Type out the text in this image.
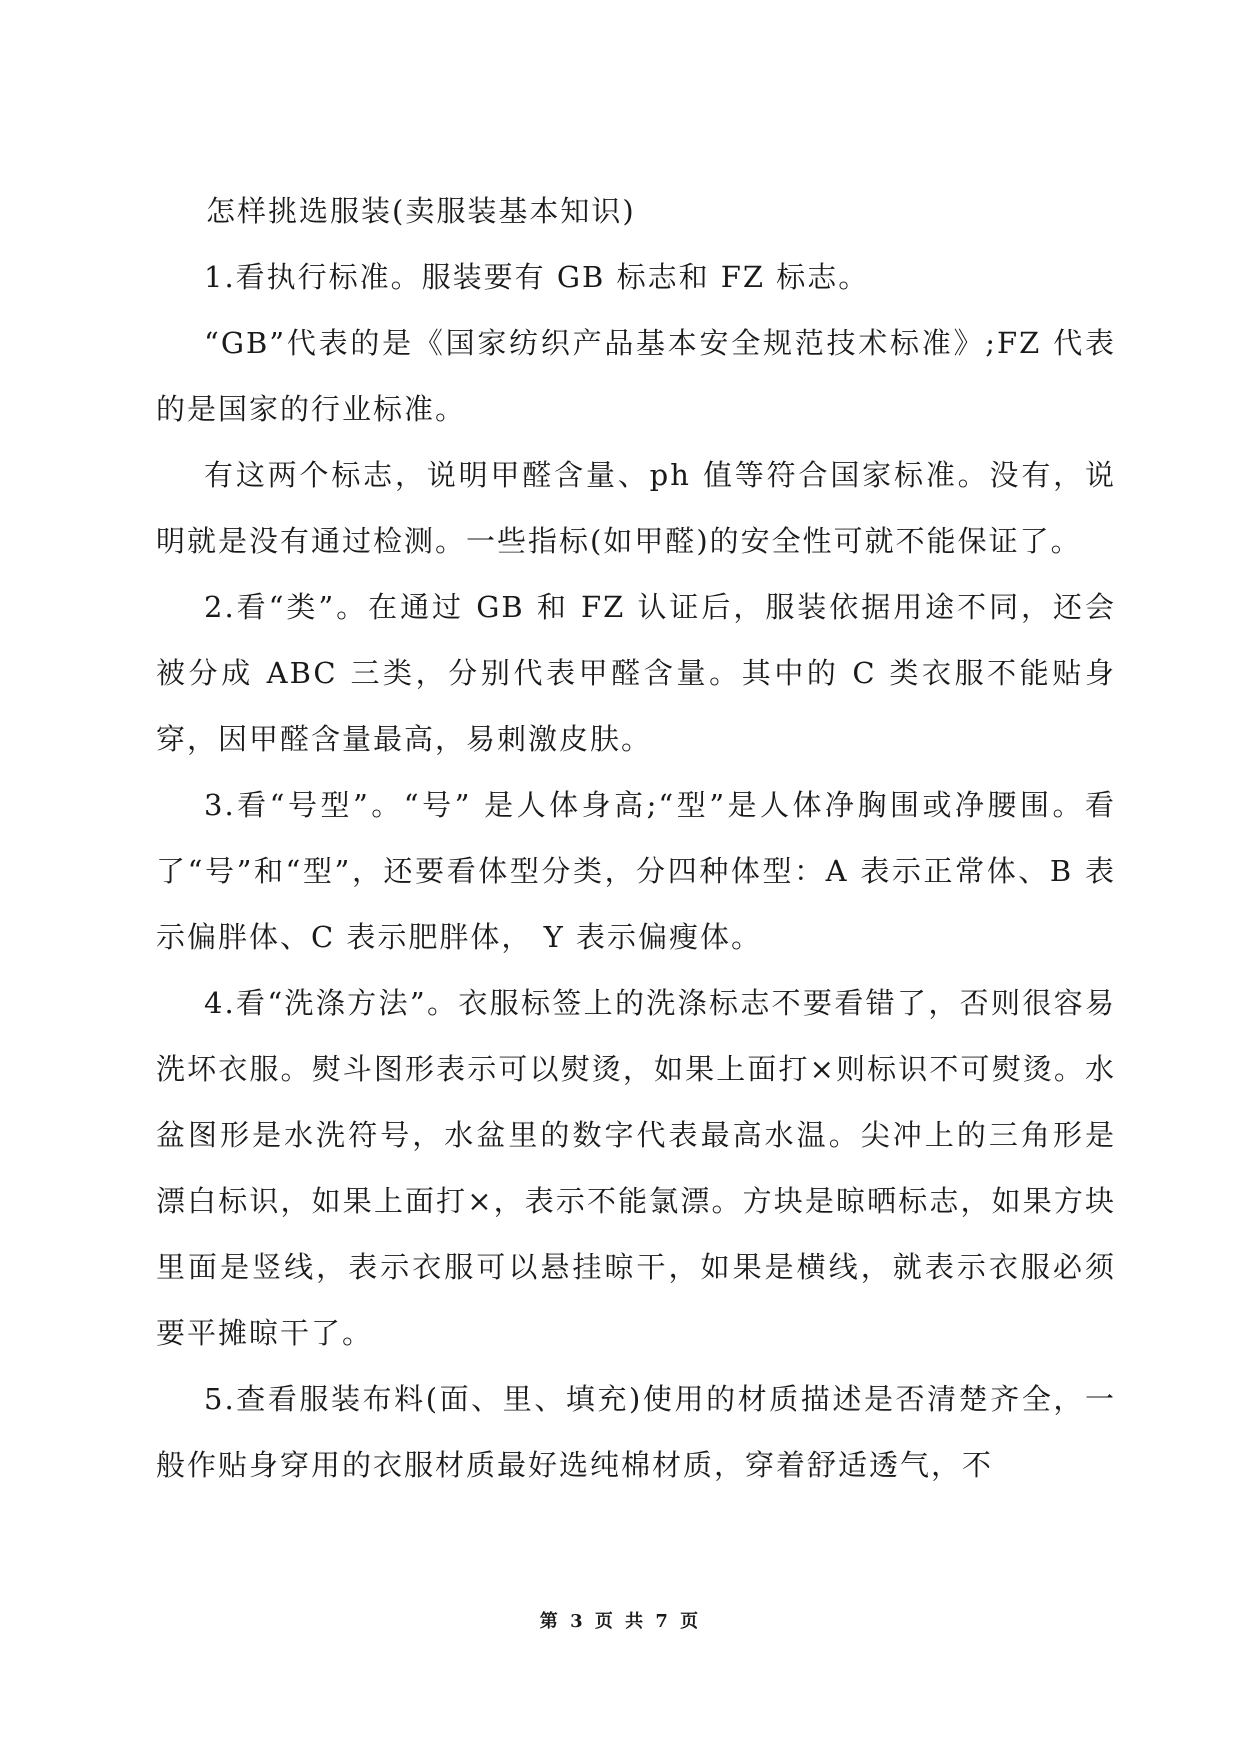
怎样挑选服装(卖服装基本知识)

1.看执行标准。服装要有 GB 标志和 FZ 标志。

“GB”代表的是《国家纺织产品基本安全规范技术标准》;FZ 代表的是国家的行业标准。

有这两个标志，说明甲醛含量、ph 值等符合国家标准。没有，说明就是没有通过检测。一些指标(如甲醛)的安全性可就不能保证了。

2.看“类”。在通过 GB 和 FZ 认证后，服装依据用途不同，还会被分成 ABC 三类，分别代表甲醛含量。其中的 C 类衣服不能贴身穿，因甲醛含量最高，易刺激皮肤。

3.看“号型”。“号” 是人体身高;“型”是人体净胸围或净腰围。看了“号”和“型”，还要看体型分类，分四种体型：A 表示正常体、B 表示偏胖体、C 表示肥胖体， Y 表示偏瘦体。

4.看“洗涤方法”。衣服标签上的洗涤标志不要看错了，否则很容易洗坏衣服。熨斗图形表示可以熨烫，如果上面打×则标识不可熨烫。水盆图形是水洗符号，水盆里的数字代表最高水温。尖冲上的三角形是漂白标识，如果上面打×，表示不能氯漂。方块是晾晒标志，如果方块里面是竖线，表示衣服可以悬挂晾干，如果是横线，就表示衣服必须要平摊晾干了。

5.查看服装布料(面、里、填充)使用的材质描述是否清楚齐全，一般作贴身穿用的衣服材质最好选纯棉材质，穿着舒适透气，不

第 3 页 共 7 页
